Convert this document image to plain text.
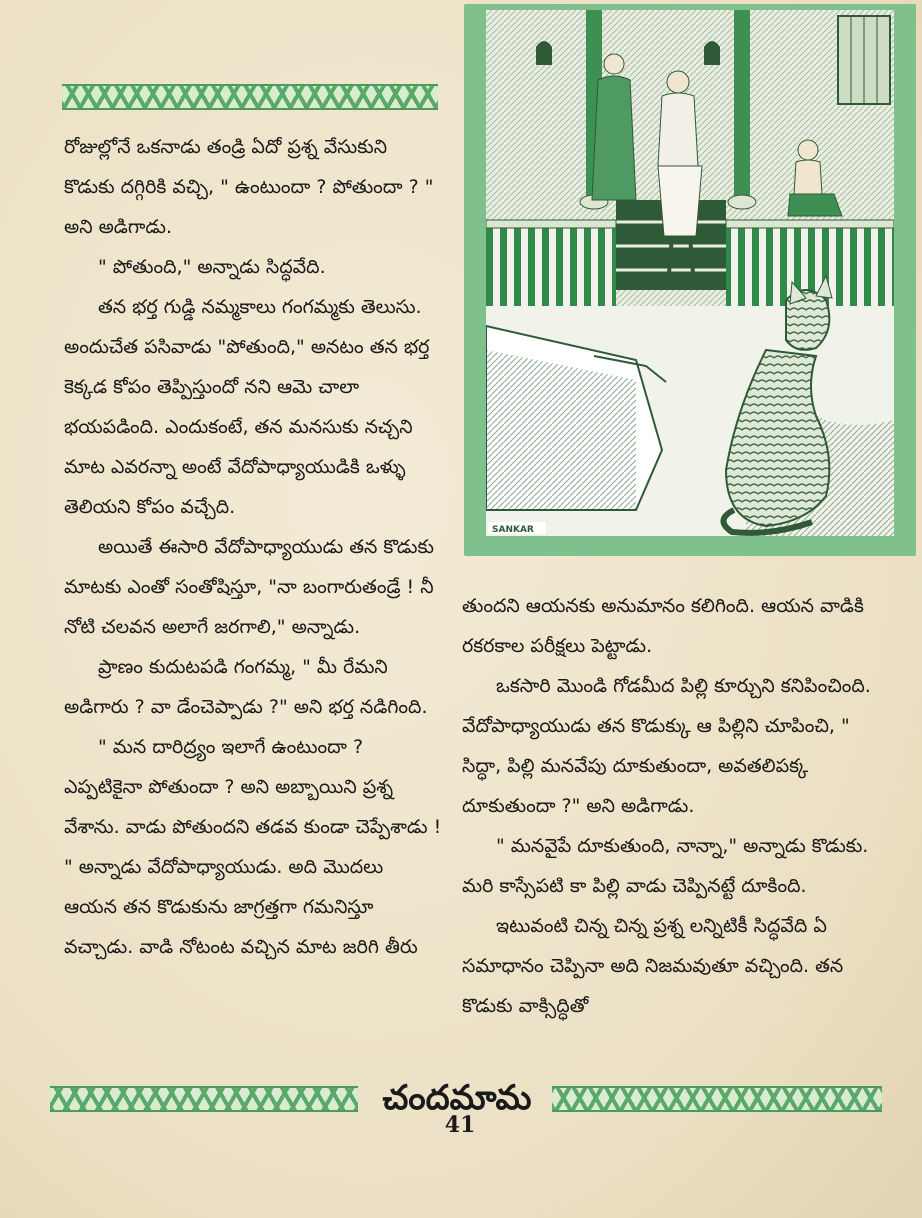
రోజుల్లోనే ఒకనాడు తండ్రి ఏదో ప్రశ్న వేసుకుని కొడుకు దగ్గిరికి వచ్చి, " ఉంటుందా ? పోతుందా ? " అని అడిగాడు.

" పోతుంది," అన్నాడు సిద్ధవేది.

తన భర్త గుడ్డి నమ్మకాలు గంగమ్మకు తెలుసు. అందుచేత పసివాడు "పోతుంది," అనటం తన భర్త కెక్కడ కోపం తెప్పిస్తుందో నని ఆమె చాలా భయపడింది. ఎందుకంటే, తన మనసుకు నచ్చని మాట ఎవరన్నా అంటే వేదోపాధ్యాయుడికి ఒళ్ళు తెలియని కోపం వచ్చేది.

అయితే ఈసారి వేదోపాధ్యాయుడు తన కొడుకు మాటకు ఎంతో సంతోషిస్తూ, "నా బంగారుతండ్రే ! నీ నోటి చలవన అలాగే జరగాలి," అన్నాడు.

ప్రాణం కుదుటపడి గంగమ్మ, " మీ రేమని అడిగారు ? వా డేంచెప్పాడు ?" అని భర్త నడిగింది.

" మన దారిద్ర్యం ఇలాగే ఉంటుందా ? ఎప్పటికైనా పోతుందా ? అని అబ్బాయిని ప్రశ్న వేశాను. వాడు పోతుందని తడవ కుండా చెప్పేశాడు ! " అన్నాడు వేదోపాధ్యాయుడు. అది మొదలు ఆయన తన కొడుకును జాగ్రత్తగా గమనిస్తూ వచ్చాడు. వాడి నోటంట వచ్చిన మాట జరిగి తీరు

SANKAR

తుందని ఆయనకు అనుమానం కలిగింది. ఆయన వాడికి రకరకాల పరీక్షలు పెట్టాడు.

ఒకసారి మొండి గోడమీద పిల్లి కూర్చుని కనిపించింది. వేదోపాధ్యాయుడు తన కొడుక్కు ఆ పిల్లిని చూపించి, " సిద్ధా, పిల్లి మనవేపు దూకుతుందా, అవతలిపక్క దూకుతుందా ?" అని అడిగాడు.

" మనవైపే దూకుతుంది, నాన్నా," అన్నాడు కొడుకు. మరి కాస్సేపటి కా పిల్లి వాడు చెప్పినట్టే దూకింది.

ఇటువంటి చిన్న చిన్న ప్రశ్న లన్నిటికీ సిద్ధవేది ఏ సమాధానం చెప్పినా అది నిజమవుతూ వచ్చింది. తన కొడుకు వాక్సిద్ధితో

చందమామ
41
